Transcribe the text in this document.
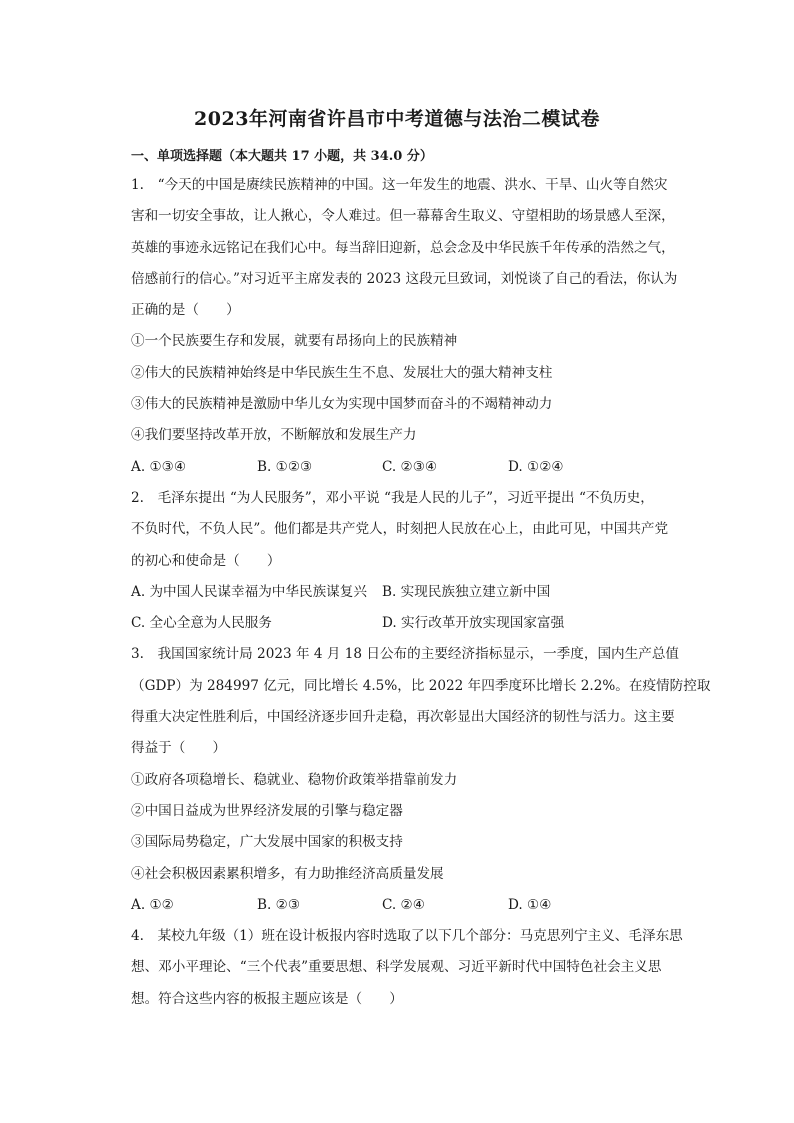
2023年河南省许昌市中考道德与法治二模试卷
一、单项选择题（本大题共 17 小题，共 34.0 分）
1.　“今天的中国是赓续民族精神的中国。这一年发生的地震、洪水、干旱、山火等自然灾
害和一切安全事故，让人揪心，令人难过。但一幕幕舍生取义、守望相助的场景感人至深，
英雄的事迹永远铭记在我们心中。每当辞旧迎新，总会念及中华民族千年传承的浩然之气，
倍感前行的信心。”对习近平主席发表的 2023 这段元旦致词，刘悦谈了自己的看法，你认为
正确的是（　　）
①一个民族要生存和发展，就要有昂扬向上的民族精神
②伟大的民族精神始终是中华民族生生不息、发展壮大的强大精神支柱
③伟大的民族精神是激励中华儿女为实现中国梦而奋斗的不竭精神动力
④我们要坚持改革开放，不断解放和发展生产力
A. ①③④	B. ①②③	C. ②③④	D. ①②④
2.　毛泽东提出 “为人民服务”，邓小平说 “我是人民的儿子”，习近平提出 “不负历史，
不负时代，不负人民”。他们都是共产党人，时刻把人民放在心上，由此可见，中国共产党
的初心和使命是（　　）
A. 为中国人民谋幸福为中华民族谋复兴 B. 实现民族独立建立新中国
C. 全心全意为人民服务	D. 实行改革开放实现国家富强
3.　我国国家统计局 2023 年 4 月 18 日公布的主要经济指标显示，一季度，国内生产总值
（GDP）为 284997 亿元，同比增长 4.5%，比 2022 年四季度环比增长 2.2%。在疫情防控取
得重大决定性胜利后，中国经济逐步回升走稳，再次彰显出大国经济的韧性与活力。这主要
得益于（　　）
①政府各项稳增长、稳就业、稳物价政策举措靠前发力
②中国日益成为世界经济发展的引擎与稳定器
③国际局势稳定，广大发展中国家的积极支持
④社会积极因素累积增多，有力助推经济高质量发展
A. ①②	B. ②③	C. ②④	D. ①④
4.　某校九年级（1）班在设计板报内容时选取了以下几个部分：马克思列宁主义、毛泽东思
想、邓小平理论、“三个代表”重要思想、科学发展观、习近平新时代中国特色社会主义思
想。符合这些内容的板报主题应该是（　　）
